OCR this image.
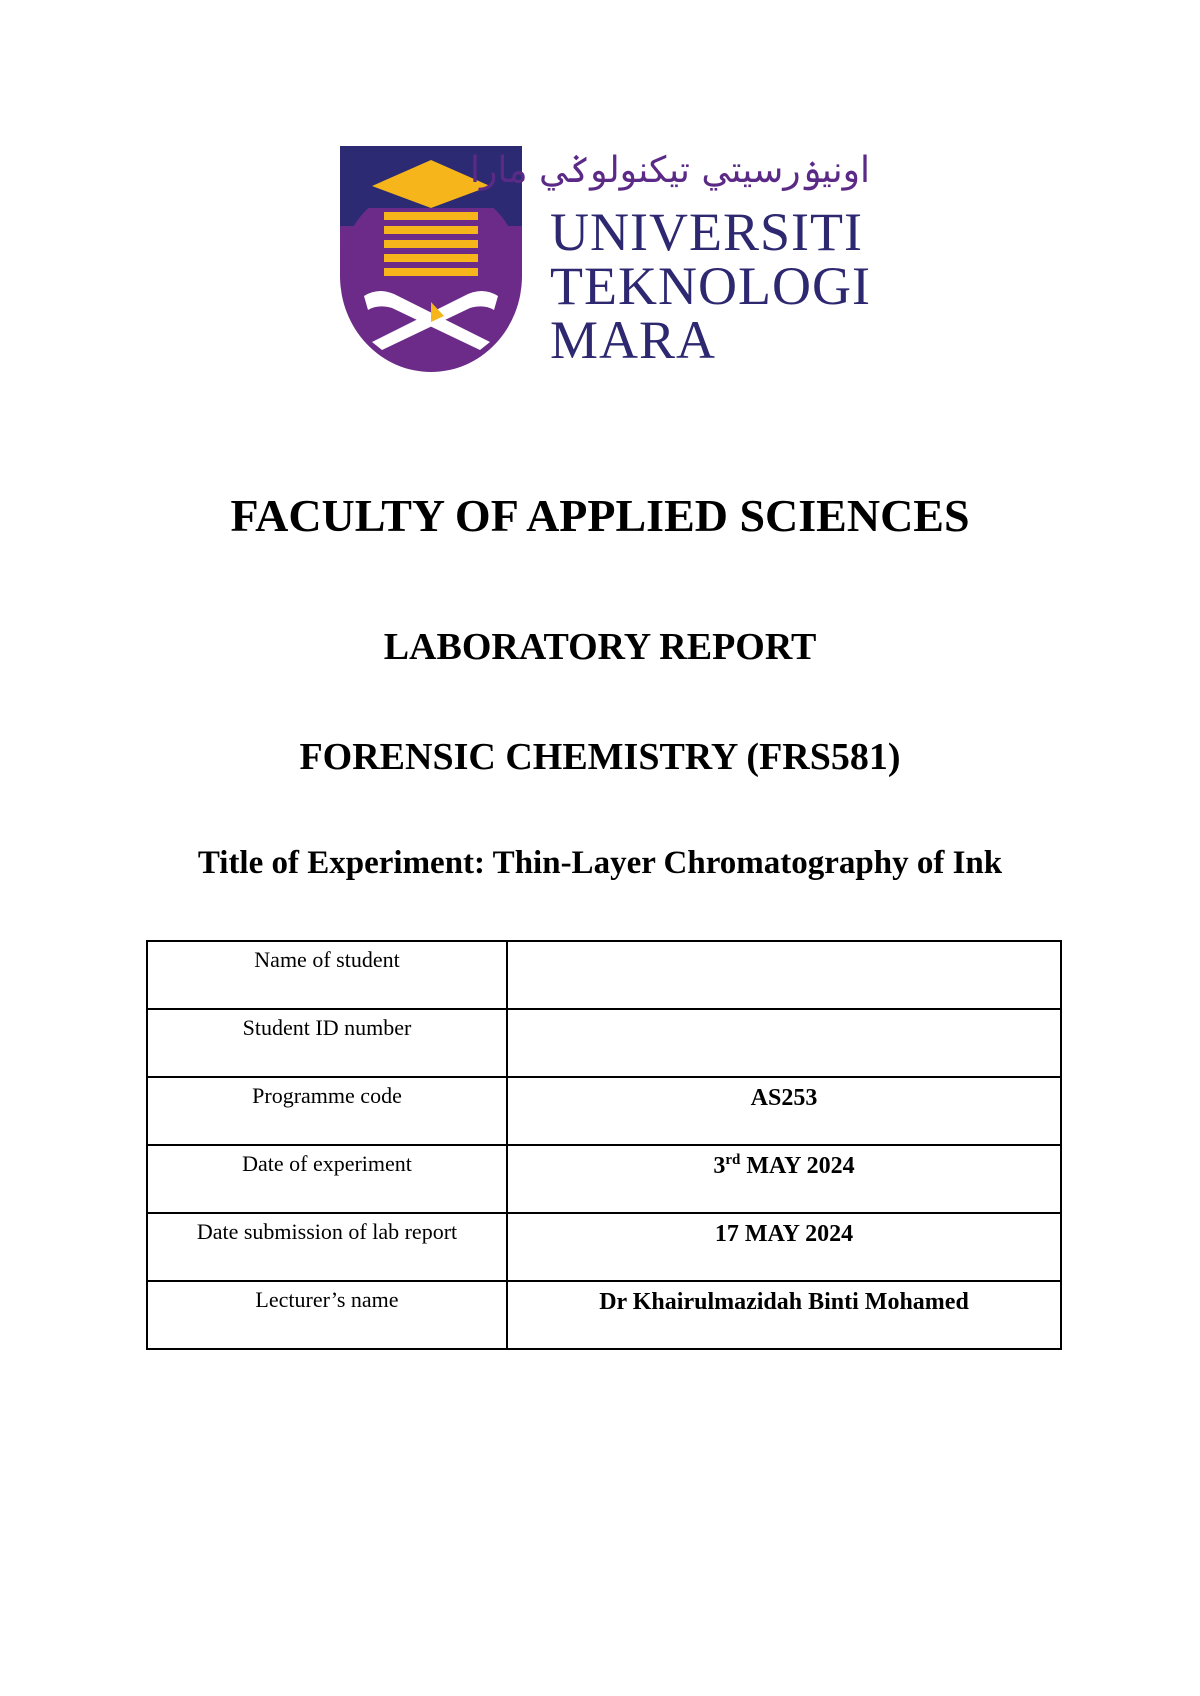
اونيۏرسيتي تيكنولوݢي مارا
UNIVERSITI
TEKNOLOGI
MARA
FACULTY OF APPLIED SCIENCES
LABORATORY REPORT
FORENSIC CHEMISTRY (FRS581)
Title of Experiment: Thin-Layer Chromatography of Ink
Name of student	
Student ID number	
Programme code	AS253
Date of experiment	3rd MAY 2024
Date submission of lab report	17 MAY 2024
Lecturer’s name	Dr Khairulmazidah Binti Mohamed
